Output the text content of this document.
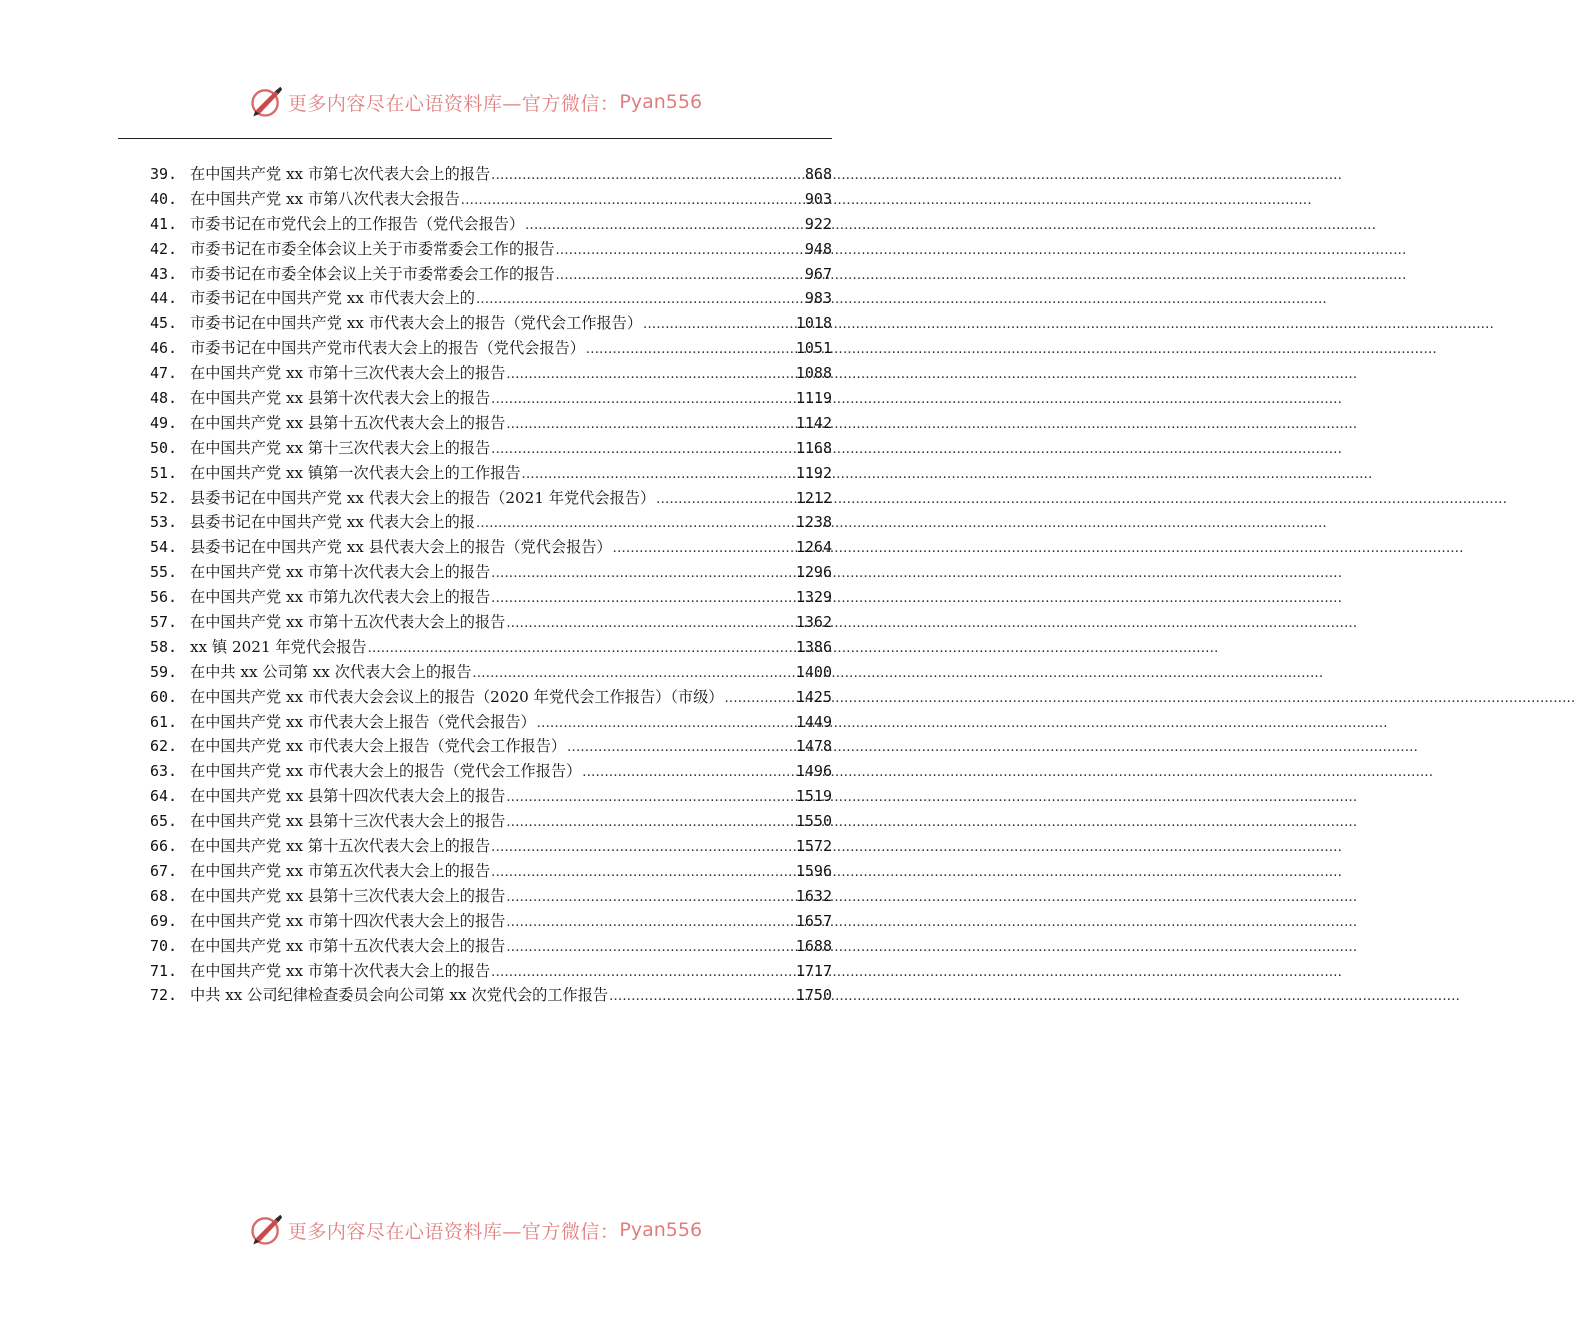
更多内容尽在心语资料库—官方微信： Pyan556
39. 在中国共产党 xx 市第七次代表大会上的报告 .....	868
40. 在中国共产党 xx 市第八次代表大会报告 .....	903
41. 市委书记在市党代会上的工作报告（党代会报告） .....	922
42. 市委书记在市委全体会议上关于市委常委会工作的报告 .....	948
43. 市委书记在市委全体会议上关于市委常委会工作的报告 .....	967
44. 市委书记在中国共产党 xx 市代表大会上的 .....	983
45. 市委书记在中国共产党 xx 市代表大会上的报告（党代会工作报告） .....	1018
46. 市委书记在中国共产党市代表大会上的报告（党代会报告） .....	1051
47. 在中国共产党 xx 市第十三次代表大会上的报告 .....	1088
48. 在中国共产党 xx 县第十次代表大会上的报告 .....	1119
49. 在中国共产党 xx 县第十五次代表大会上的报告 .....	1142
50. 在中国共产党 xx 第十三次代表大会上的报告 .....	1168
51. 在中国共产党 xx 镇第一次代表大会上的工作报告 .....	1192
52. 县委书记在中国共产党 xx 代表大会上的报告（2021 年党代会报告） .....	1212
53. 县委书记在中国共产党 xx 代表大会上的报 .....	1238
54. 县委书记在中国共产党 xx 县代表大会上的报告（党代会报告） .....	1264
55. 在中国共产党 xx 市第十次代表大会上的报告 .....	1296
56. 在中国共产党 xx 市第九次代表大会上的报告 .....	1329
57. 在中国共产党 xx 市第十五次代表大会上的报告 .....	1362
58. xx 镇 2021 年党代会报告 .....	1386
59. 在中共 xx 公司第 xx 次代表大会上的报告 .....	1400
60. 在中国共产党 xx 市代表大会会议上的报告（2020 年党代会工作报告）（市级） .....	1425
61. 在中国共产党 xx 市代表大会上报告（党代会报告） .....	1449
62. 在中国共产党 xx 市代表大会上报告（党代会工作报告） .....	1478
63. 在中国共产党 xx 市代表大会上的报告（党代会工作报告） .....	1496
64. 在中国共产党 xx 县第十四次代表大会上的报告 .....	1519
65. 在中国共产党 xx 县第十三次代表大会上的报告 .....	1550
66. 在中国共产党 xx 第十五次代表大会上的报告 .....	1572
67. 在中国共产党 xx 市第五次代表大会上的报告 .....	1596
68. 在中国共产党 xx 县第十三次代表大会上的报告 .....	1632
69. 在中国共产党 xx 市第十四次代表大会上的报告 .....	1657
70. 在中国共产党 xx 市第十五次代表大会上的报告 .....	1688
71. 在中国共产党 xx 市第十次代表大会上的报告 .....	1717
72. 中共 xx 公司纪律检查委员会向公司第 xx 次党代会的工作报告 .....	1750
更多内容尽在心语资料库—官方微信： Pyan556
